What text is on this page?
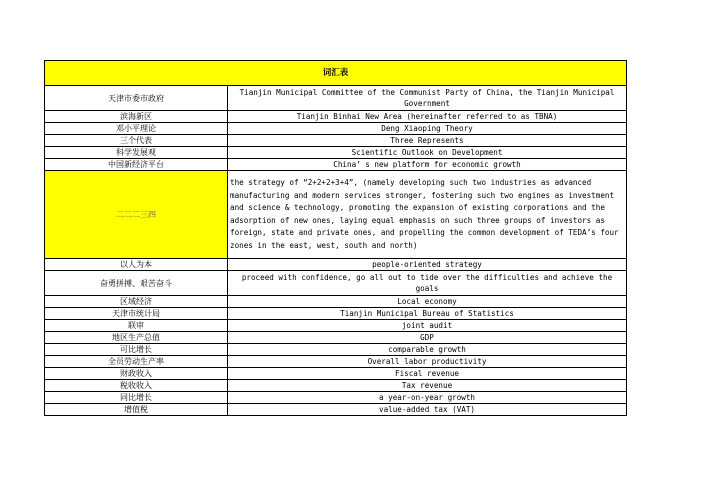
词汇表	
天津市委市政府	Tianjin Municipal Committee of the Communist Party of China, the Tianjin Municipal Government
滨海新区	Tianjin Binhai New Area (hereinafter referred to as TBNA)
邓小平理论	Deng Xiaoping Theory
三个代表	Three Represents
科学发展观	Scientific Outlook on Development
中国新经济平台	China’ s new platform for economic growth
二二二三四	the strategy of “2+2+2+3+4”, (namely developing such two industries as advanced manufacturing and modern services stronger, fostering such two engines as investment and science & technology, promoting the expansion of existing corporations and the adsorption of new ones, laying equal emphasis on such three groups of investors as foreign, state and private ones, and propelling the common development of TEDA’s four zones in the east, west, south and north)
以人为本	people-oriented strategy
奋勇拼搏、艰苦奋斗	proceed with confidence, go all out to tide over the difficulties and achieve the goals
区域经济	Local economy
天津市统计局	Tianjin Municipal Bureau of Statistics
联审	joint audit
地区生产总值	GDP
可比增长	comparable growth
全员劳动生产率	Overall labor productivity
财政收入	Fiscal revenue
税收收入	Tax revenue
同比增长	a year-on-year growth
增值税	value-added tax (VAT)
